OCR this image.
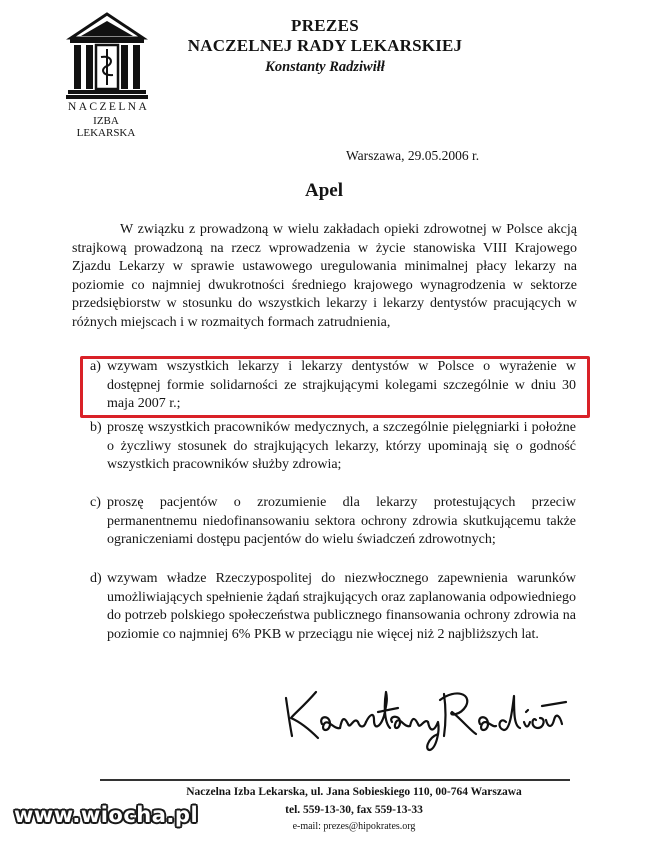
NACZELNA
IZBA LEKARSKA
PREZES
NACZELNEJ RADY LEKARSKIEJ
Konstanty Radziwiłł
Warszawa, 29.05.2006 r.
Apel

W związku z prowadzoną w wielu zakładach opieki zdrowotnej w Polsce akcją strajkową prowadzoną na rzecz wprowadzenia w życie stanowiska VIII Krajowego Zjazdu Lekarzy w sprawie ustawowego uregulowania minimalnej płacy lekarzy na poziomie co najmniej dwukrotności średniego krajowego wynagrodzenia w sektorze przedsiębiorstw w stosunku do wszystkich lekarzy i lekarzy dentystów pracujących w różnych miejscach i w rozmaitych formach zatrudnienia,

a) wzywam wszystkich lekarzy i lekarzy dentystów w Polsce o wyrażenie w dostępnej formie solidarności ze strajkującymi kolegami szczególnie w dniu 30 maja 2007 r.;
b) proszę wszystkich pracowników medycznych, a szczególnie pielęgniarki i położne o życzliwy stosunek do strajkujących lekarzy, którzy upominają się o godność wszystkich pracowników służby zdrowia;
c) proszę pacjentów o zrozumienie dla lekarzy protestujących przeciw permanentnemu niedofinansowaniu sektora ochrony zdrowia skutkującemu także ograniczeniami dostępu pacjentów do wielu świadczeń zdrowotnych;
d) wzywam władze Rzeczypospolitej do niezwłocznego zapewnienia warunków umożliwiających spełnienie żądań strajkujących oraz zaplanowania odpowiedniego do potrzeb polskiego społeczeństwa publicznego finansowania ochrony zdrowia na poziomie co najmniej 6% PKB w przeciągu nie więcej niż 2 najbliższych lat.
Naczelna Izba Lekarska, ul. Jana Sobieskiego 110, 00-764 Warszawa
tel. 559-13-30, fax 559-13-33
e-mail: prezes@hipokrates.org
www.wiocha.pl
